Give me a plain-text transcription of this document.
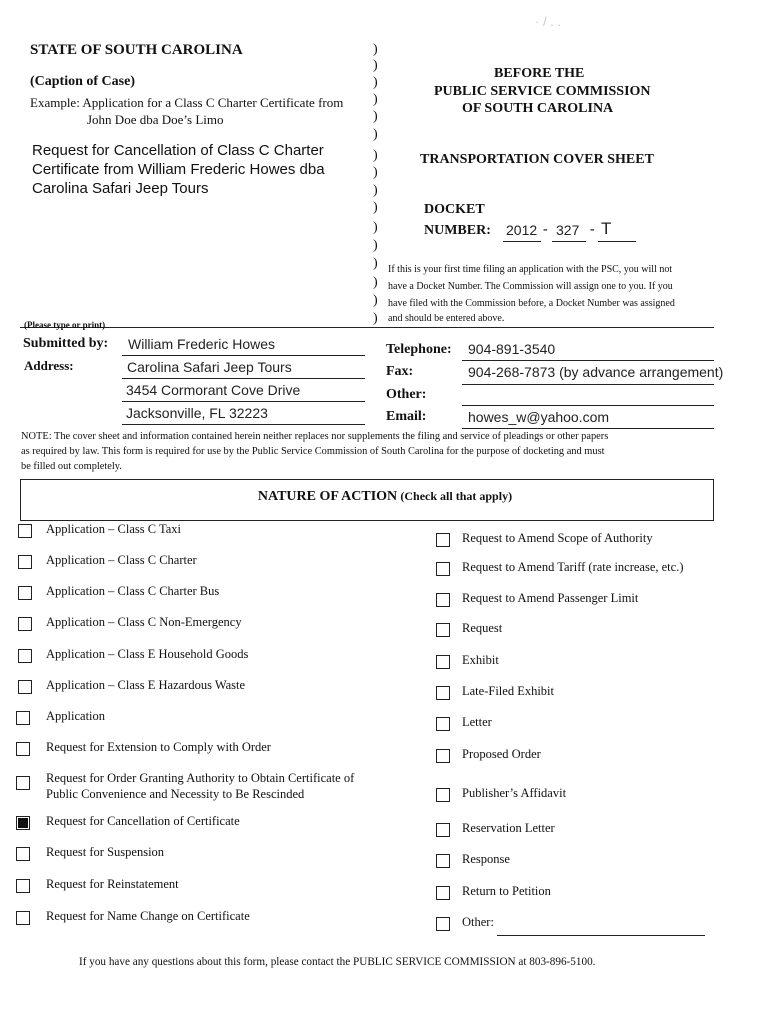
· / . .

STATE OF SOUTH CAROLINA
(Caption of Case)
Example: Application for a Class C Charter Certificate from
John Doe dba Doe’s Limo
Request for Cancellation of Class C Charter
Certificate from William Frederic Howes dba
Carolina Safari Jeep Tours
)
)
)
)
)
)
)
)
)
)
)
)
)
)
)
)
BEFORE THE
PUBLIC SERVICE COMMISSION
OF SOUTH CAROLINA
TRANSPORTATION COVER SHEET
DOCKET
NUMBER: 2012 - 327 - T
If this is your first time filing an application with the PSC, you will not
have a Docket Number. The Commission will assign one to you. If you
have filed with the Commission before, a Docket Number was assigned
and should be entered above.
(Please type or print)
Submitted by: William Frederic Howes
Address:	Carolina Safari Jeep Tours
3454 Cormorant Cove Drive
Jacksonville, FL 32223
Telephone: 904-891-3540
Fax:	904-268-7873 (by advance arrangement)
Other:
Email:	howes_w@yahoo.com
NOTE: The cover sheet and information contained herein neither replaces nor supplements the filing and service of pleadings or other papers
as required by law. This form is required for use by the Public Service Commission of South Carolina for the purpose of docketing and must
be filled out completely.
NATURE OF ACTION (Check all that apply)
Application – Class C Taxi
Application – Class C Charter
Application – Class C Charter Bus
Application – Class C Non-Emergency
Application – Class E Household Goods
Application – Class E Hazardous Waste
Application
Request for Extension to Comply with Order
Request for Order Granting Authority to Obtain Certificate of
Public Convenience and Necessity to Be Rescinded
Request for Cancellation of Certificate
Request for Suspension
Request for Reinstatement
Request for Name Change on Certificate
Request to Amend Scope of Authority
Request to Amend Tariff (rate increase, etc.)
Request to Amend Passenger Limit
Request
Exhibit
Late-Filed Exhibit
Letter
Proposed Order
Publisher’s Affidavit
Reservation Letter
Response
Return to Petition
Other:
If you have any questions about this form, please contact the PUBLIC SERVICE COMMISSION at 803-896-5100.
